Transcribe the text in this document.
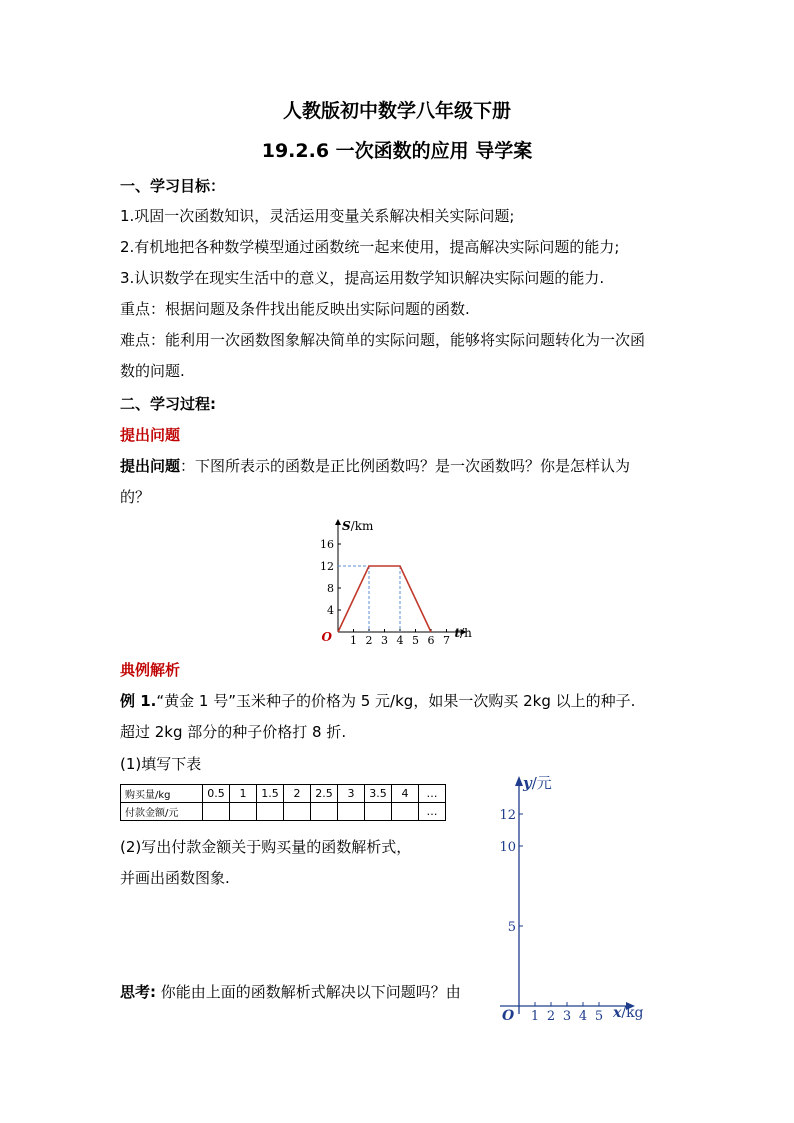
人教版初中数学八年级下册
19.2.6 一次函数的应用 导学案
一、学习目标：
1.巩固一次函数知识，灵活运用变量关系解决相关实际问题;
2.有机地把各种数学模型通过函数统一起来使用，提高解决实际问题的能力;
3.认识数学在现实生活中的意义，提高运用数学知识解决实际问题的能力.
重点：根据问题及条件找出能反映出实际问题的函数.
难点：能利用一次函数图象解决简单的实际问题，能够将实际问题转化为一次函
数的问题.
二、学习过程:
提出问题
提出问题：下图所表示的函数是正比例函数吗？是一次函数吗？你是怎样认为
的？
1 2 3 4 5 6 7
4
8
12
16
O
S/km
t/h
典例解析
例 1.“黄金 1 号”玉米种子的价格为 5 元/kg，如果一次购买 2kg 以上的种子.
超过 2kg 部分的种子价格打 8 折.
(1)填写下表
购买量/kg	0.5	1	1.5	2	2.5	3	3.5	4	…
付款金额/元									…
(2)写出付款金额关于购买量的函数解析式，
并画出函数图象.
思考: 你能由上面的函数解析式解决以下问题吗？由
1 2 3 4 5
5
10
12
O
y/元
x/kg
